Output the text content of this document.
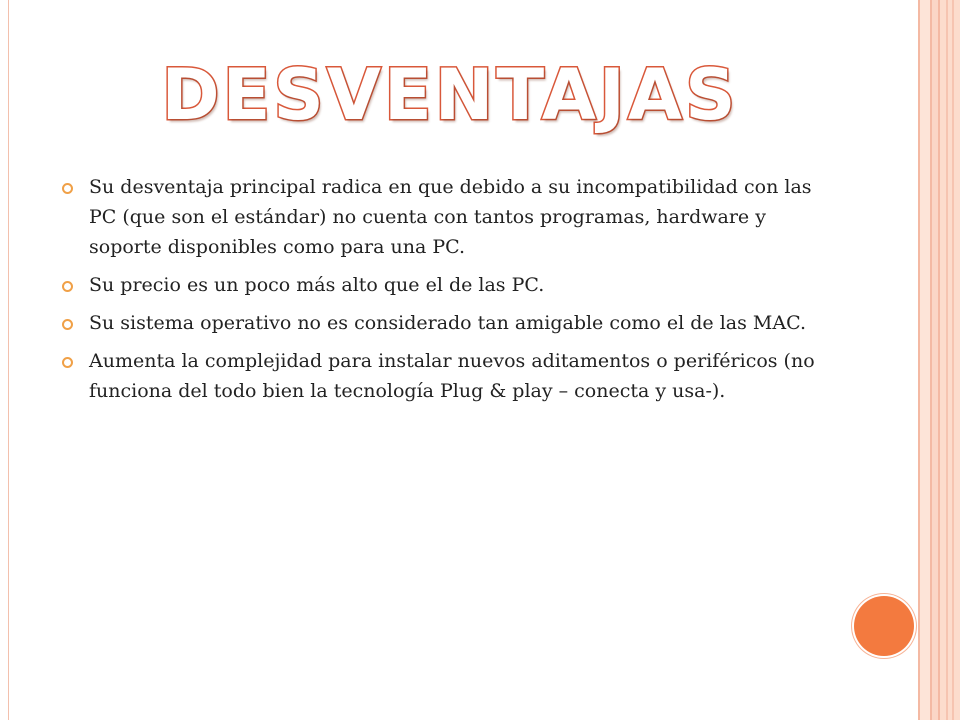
DESVENTAJAS
Su desventaja principal radica en que debido a su incompatibilidad con las PC (que son el estándar) no cuenta con tantos programas, hardware y soporte disponibles como para una PC.
Su precio es un poco más alto que el de las PC.
Su sistema operativo no es considerado tan amigable como el de las MAC.
Aumenta la complejidad para instalar nuevos aditamentos o periféricos (no funciona del todo bien la tecnología Plug & play – conecta y usa-).
